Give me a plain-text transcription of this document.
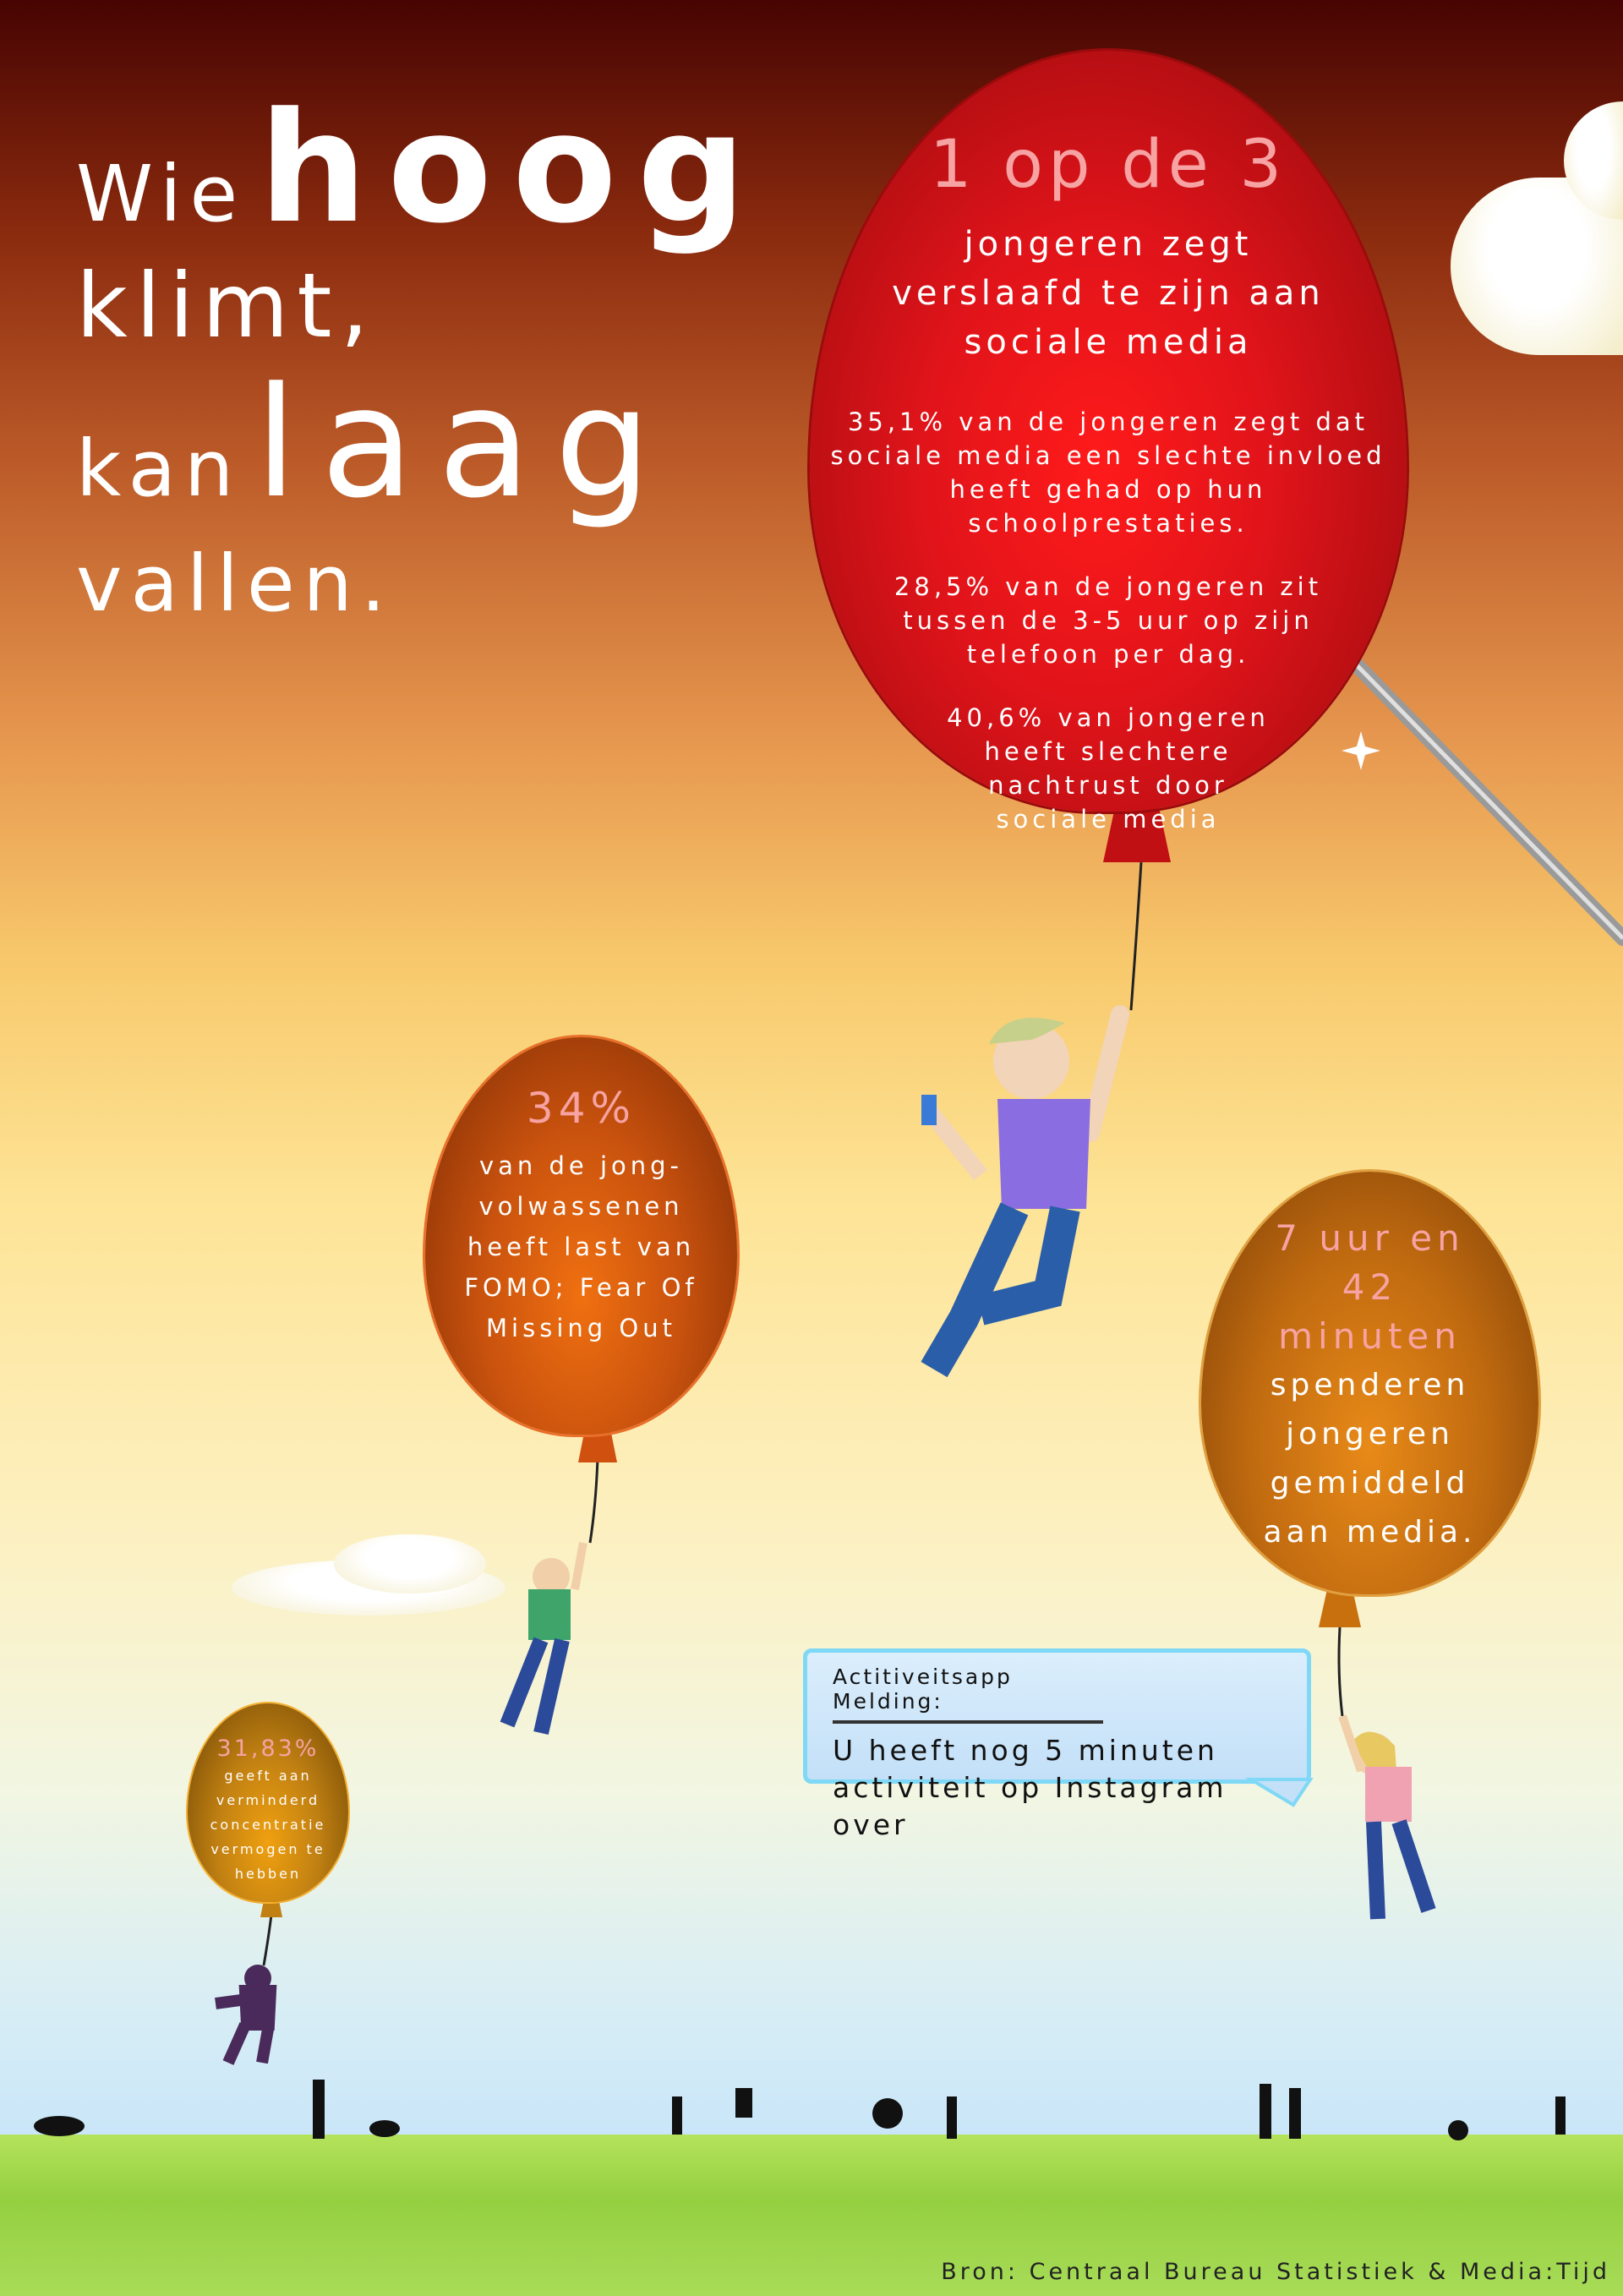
Wie hoog
klimt,
kan laag
vallen.
1 op de 3
jongeren zegt verslaafd te zijn aan sociale media
35,1% van de jongeren zegt dat sociale media een slechte invloed heeft gehad op hun schoolprestaties.
28,5% van de jongeren zit tussen de 3-5 uur op zijn telefoon per dag.
40,6% van jongeren heeft slechtere nachtrust door sociale media
34%
van de jong-volwassenen heeft last van FOMO; Fear Of Missing Out
7 uur en 42 minuten
spenderen jongeren gemiddeld aan media.
31,83%
geeft aan verminderd concentratie vermogen te hebben
Actitiveitsapp Melding:
U heeft nog 5 minuten activiteit op Instagram over
Bron: Centraal Bureau Statistiek & Media:Tijd
